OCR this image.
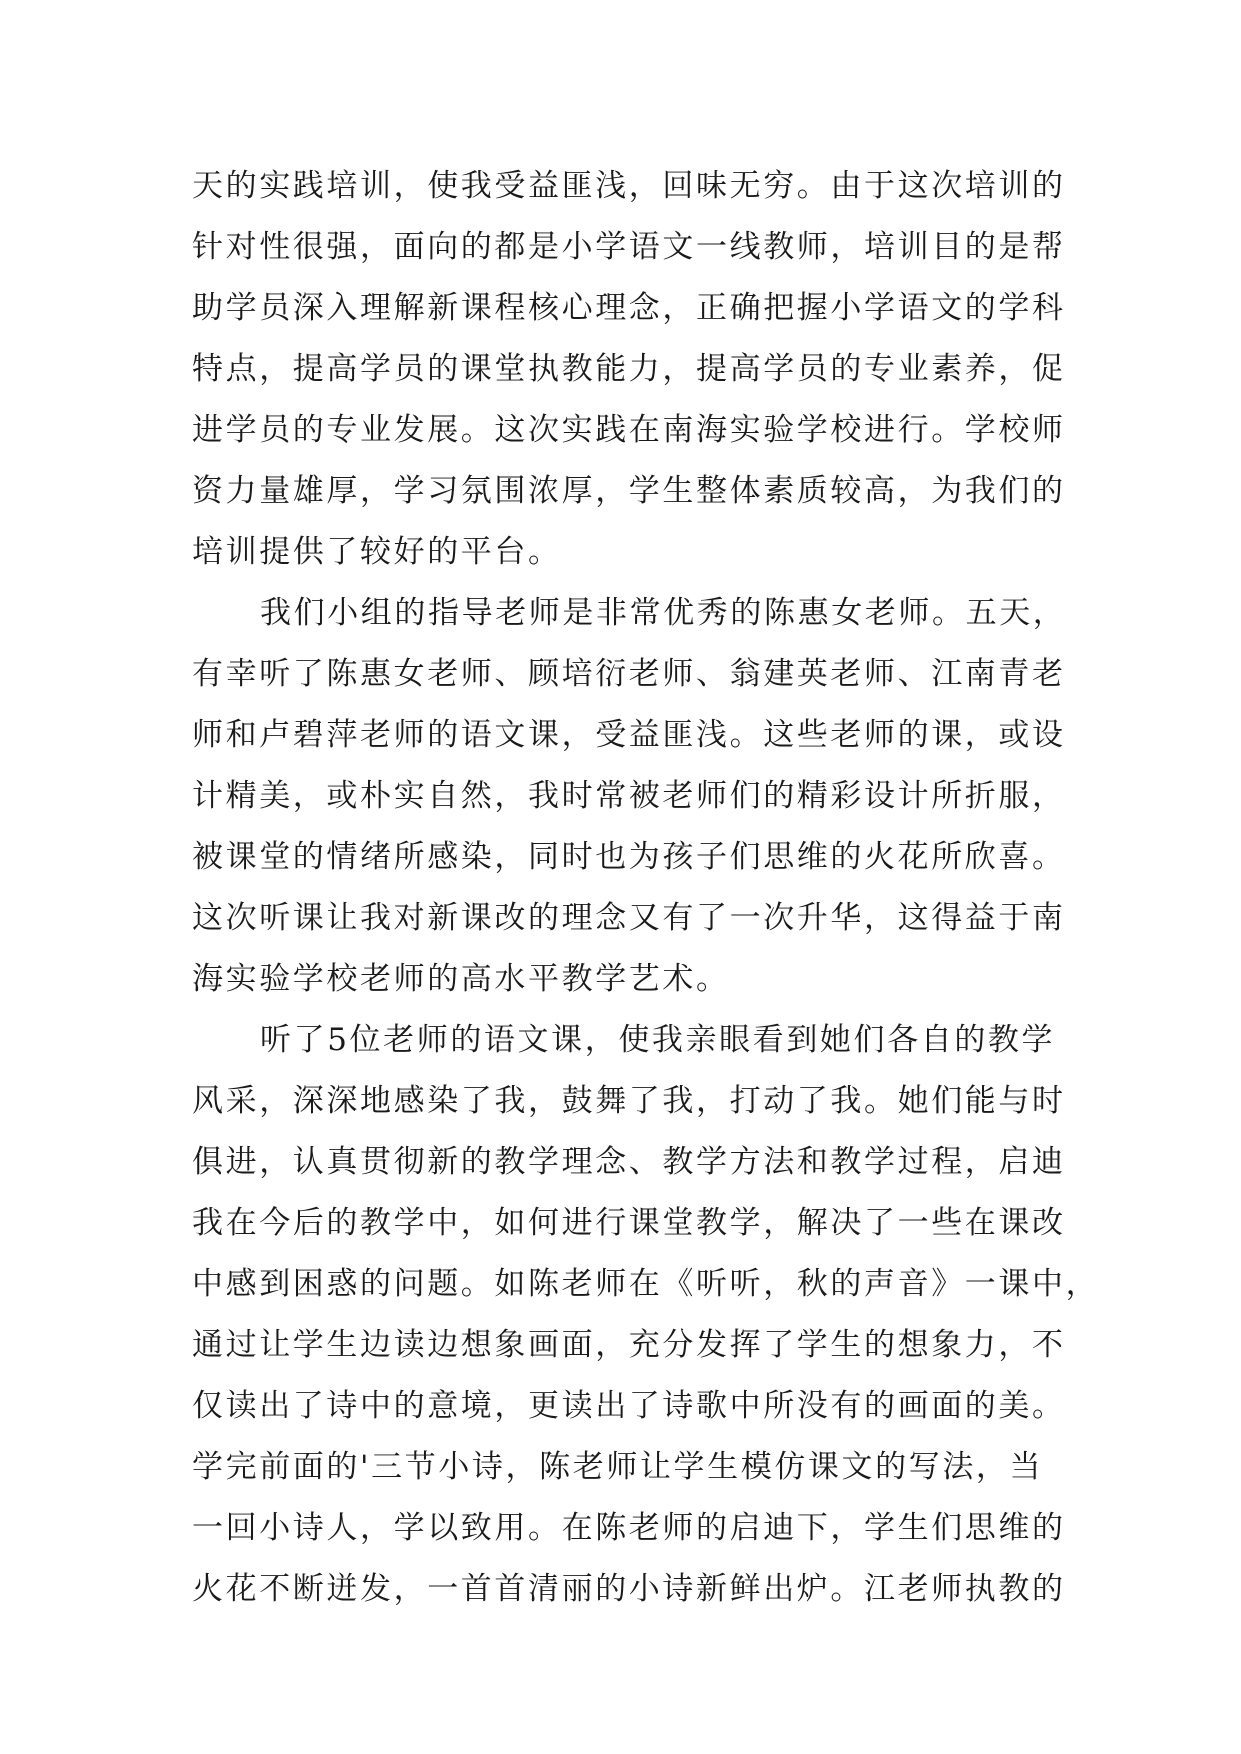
天的实践培训，使我受益匪浅，回味无穷。由于这次培训的
针对性很强，面向的都是小学语文一线教师，培训目的是帮
助学员深入理解新课程核心理念，正确把握小学语文的学科
特点，提高学员的课堂执教能力，提高学员的专业素养，促
进学员的专业发展。这次实践在南海实验学校进行。学校师
资力量雄厚，学习氛围浓厚，学生整体素质较高，为我们的
培训提供了较好的平台。
我们小组的指导老师是非常优秀的陈惠女老师。五天，
有幸听了陈惠女老师、顾培衍老师、翁建英老师、江南青老
师和卢碧萍老师的语文课，受益匪浅。这些老师的课，或设
计精美，或朴实自然，我时常被老师们的精彩设计所折服，
被课堂的情绪所感染，同时也为孩子们思维的火花所欣喜。
这次听课让我对新课改的理念又有了一次升华，这得益于南
海实验学校老师的高水平教学艺术。
听了5位老师的语文课，使我亲眼看到她们各自的教学
风采，深深地感染了我，鼓舞了我，打动了我。她们能与时
俱进，认真贯彻新的教学理念、教学方法和教学过程，启迪
我在今后的教学中，如何进行课堂教学，解决了一些在课改
中感到困惑的问题。如陈老师在《听听，秋的声音》一课中，
通过让学生边读边想象画面，充分发挥了学生的想象力，不
仅读出了诗中的意境，更读出了诗歌中所没有的画面的美。
学完前面的'三节小诗，陈老师让学生模仿课文的写法，当
一回小诗人，学以致用。在陈老师的启迪下，学生们思维的
火花不断迸发，一首首清丽的小诗新鲜出炉。江老师执教的
